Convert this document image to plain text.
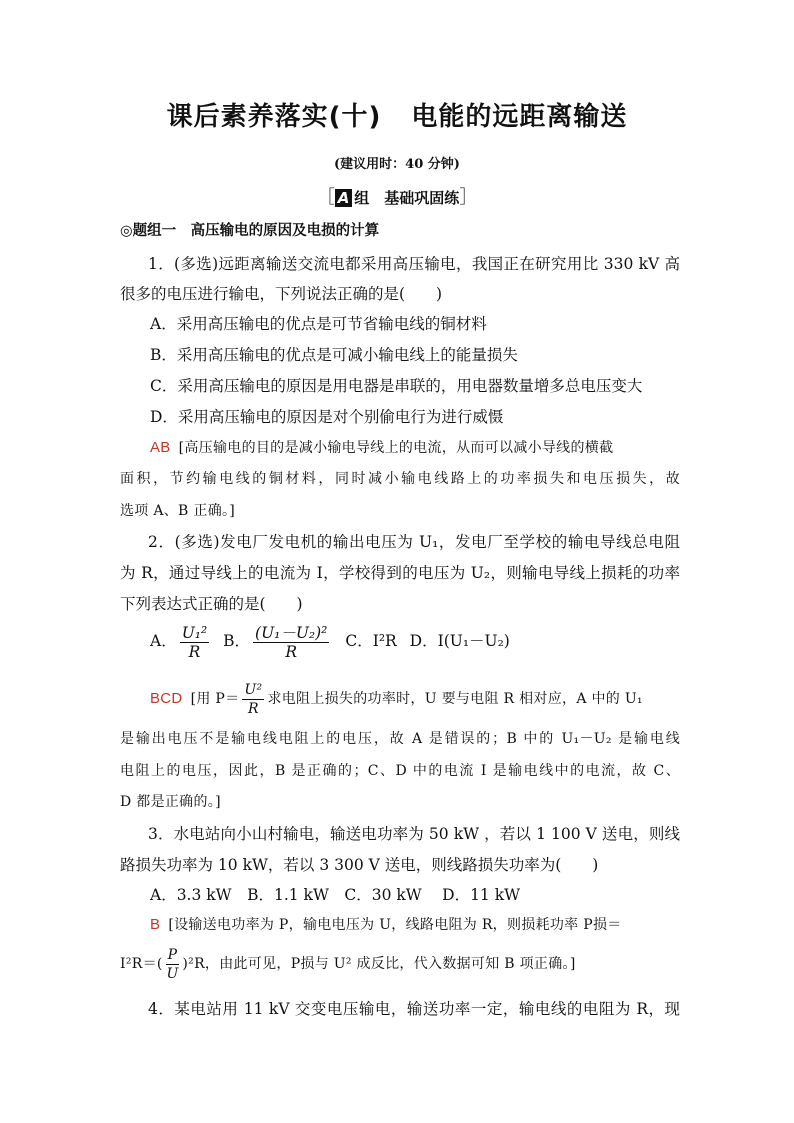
课后素养落实(十) 电能的远距离输送
(建议用时：40 分钟)
［ A 组　基础巩固练］
◎题组一　高压输电的原因及电损的计算
1．(多选)远距离输送交流电都采用高压输电，我国正在研究用比 330 kV 高
很多的电压进行输电，下列说法正确的是(　　)
A．采用高压输电的优点是可节省输电线的铜材料
B．采用高压输电的优点是可减小输电线上的能量损失
C．采用高压输电的原因是用电器是串联的，用电器数量增多总电压变大
D．采用高压输电的原因是对个别偷电行为进行威慑
AB [高压输电的目的是减小输电导线上的电流，从而可以减小导线的横截
面积，节约输电线的铜材料，同时减小输电线路上的功率损失和电压损失，故
选项 A、B 正确。]
2．(多选)发电厂发电机的输出电压为 U₁，发电厂至学校的输电导线总电阻
为 R，通过导线上的电流为 I，学校得到的电压为 U₂，则输电导线上损耗的功率
下列表达式正确的是(　　)
A． $\frac{\text{U₁²}}{R}$ B． $\frac{\text{(U₁－U₂)²}}{R}$ C．I²R D．I(U₁－U₂)
BCD [用 $P= \frac{\text{U²}}{R}$ 求电阻上损失的功率时，U 要与电阻 R 相对应，A 中的 U₁
是输出电压不是输电线电阻上的电压，故 A 是错误的；B 中的 U₁－U₂ 是输电线
电阻上的电压，因此，B 是正确的；C、D 中的电流 I 是输电线中的电流，故 C、
D 都是正确的。]
3．水电站向小山村输电，输送电功率为 50 kW ，若以 1 100 V 送电，则线
路损失功率为 10 kW，若以 3 300 V 送电，则线路损失功率为(　　)
A．3.3 kW　B．1.1 kW　C．30 kW　 D．11 kW
B [设输送电功率为 P，输电电压为 U，线路电阻为 R，则损耗功率 P损＝
$I^2R=( \frac{P}{U} )^2R$，由此可见，P损与 U² 成反比，代入数据可知 B 项正确。]
4．某电站用 11 kV 交变电压输电，输送功率一定，输电线的电阻为 R，现
